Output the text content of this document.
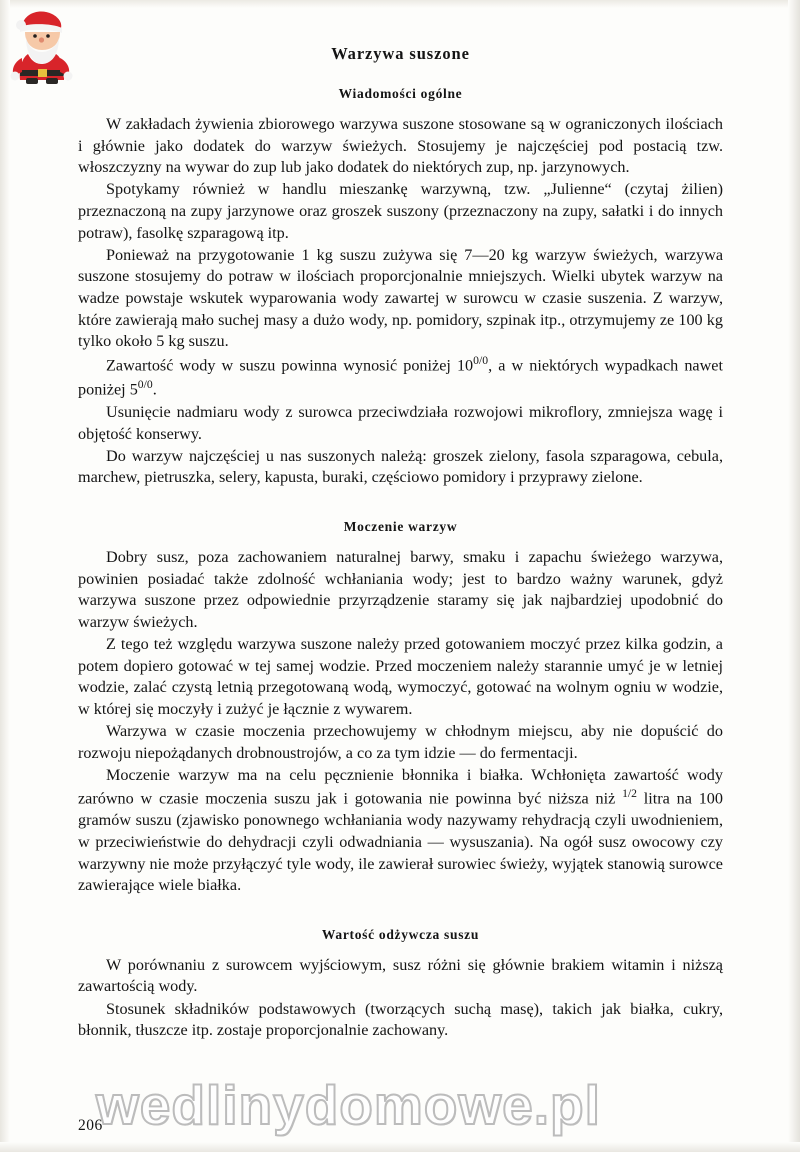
Warzywa suszone
Wiadomości ogólne

W zakładach żywienia zbiorowego warzywa suszone stosowane są w ograniczonych ilościach i głównie jako dodatek do warzyw świeżych. Stosujemy je najczęściej pod postacią tzw. włoszczyzny na wywar do zup lub jako dodatek do niektórych zup, np. jarzynowych.

Spotykamy również w handlu mieszankę warzywną, tzw. „Julienne“ (czytaj żilien) przeznaczoną na zupy jarzynowe oraz groszek suszony (przeznaczony na zupy, sałatki i do innych potraw), fasolkę szparagową itp.

Ponieważ na przygotowanie 1 kg suszu zużywa się 7—20 kg warzyw świeżych, warzywa suszone stosujemy do potraw w ilościach proporcjonalnie mniejszych. Wielki ubytek warzyw na wadze powstaje wskutek wyparowania wody zawartej w surowcu w czasie suszenia. Z warzyw, które zawierają mało suchej masy a dużo wody, np. pomidory, szpinak itp., otrzymujemy ze 100 kg tylko około 5 kg suszu.

Zawartość wody w suszu powinna wynosić poniżej $10^{0/0}$, a w niektórych wypadkach nawet poniżej $5^{0/0}$.

Usunięcie nadmiaru wody z surowca przeciwdziała rozwojowi mikroflory, zmniejsza wagę i objętość konserwy.

Do warzyw najczęściej u nas suszonych należą: groszek zielony, fasola szparagowa, cebula, marchew, pietruszka, selery, kapusta, buraki, częściowo pomidory i przyprawy zielone.

Moczenie warzyw

Dobry susz, poza zachowaniem naturalnej barwy, smaku i zapachu świeżego warzywa, powinien posiadać także zdolność wchłaniania wody; jest to bardzo ważny warunek, gdyż warzywa suszone przez odpowiednie przyrządzenie staramy się jak najbardziej upodobnić do warzyw świeżych.

Z tego też względu warzywa suszone należy przed gotowaniem moczyć przez kilka godzin, a potem dopiero gotować w tej samej wodzie. Przed moczeniem należy starannie umyć je w letniej wodzie, zalać czystą letnią przegotowaną wodą, wymoczyć, gotować na wolnym ogniu w wodzie, w której się moczyły i zużyć je łącznie z wywarem.

Warzywa w czasie moczenia przechowujemy w chłodnym miejscu, aby nie dopuścić do rozwoju niepożądanych drobnoustrojów, a co za tym idzie — do fermentacji.

Moczenie warzyw ma na celu pęcznienie błonnika i białka. Wchłonięta zawartość wody zarówno w czasie moczenia suszu jak i gotowania nie powinna być niższa niż $^{1/2}$ litra na 100 gramów suszu (zjawisko ponownego wchłaniania wody nazywamy rehydracją czyli uwodnieniem, w przeciwieństwie do dehydracji czyli odwadniania — wysuszania). Na ogół susz owocowy czy warzywny nie może przyłączyć tyle wody, ile zawierał surowiec świeży, wyjątek stanowią surowce zawierające wiele białka.

Wartość odżywcza suszu

W porównaniu z surowcem wyjściowym, susz różni się głównie brakiem witamin i niższą zawartością wody.

Stosunek składników podstawowych (tworzących suchą masę), takich jak białka, cukry, błonnik, tłuszcze itp. zostaje proporcjonalnie zachowany.

206
wedlinydomowe.pl
